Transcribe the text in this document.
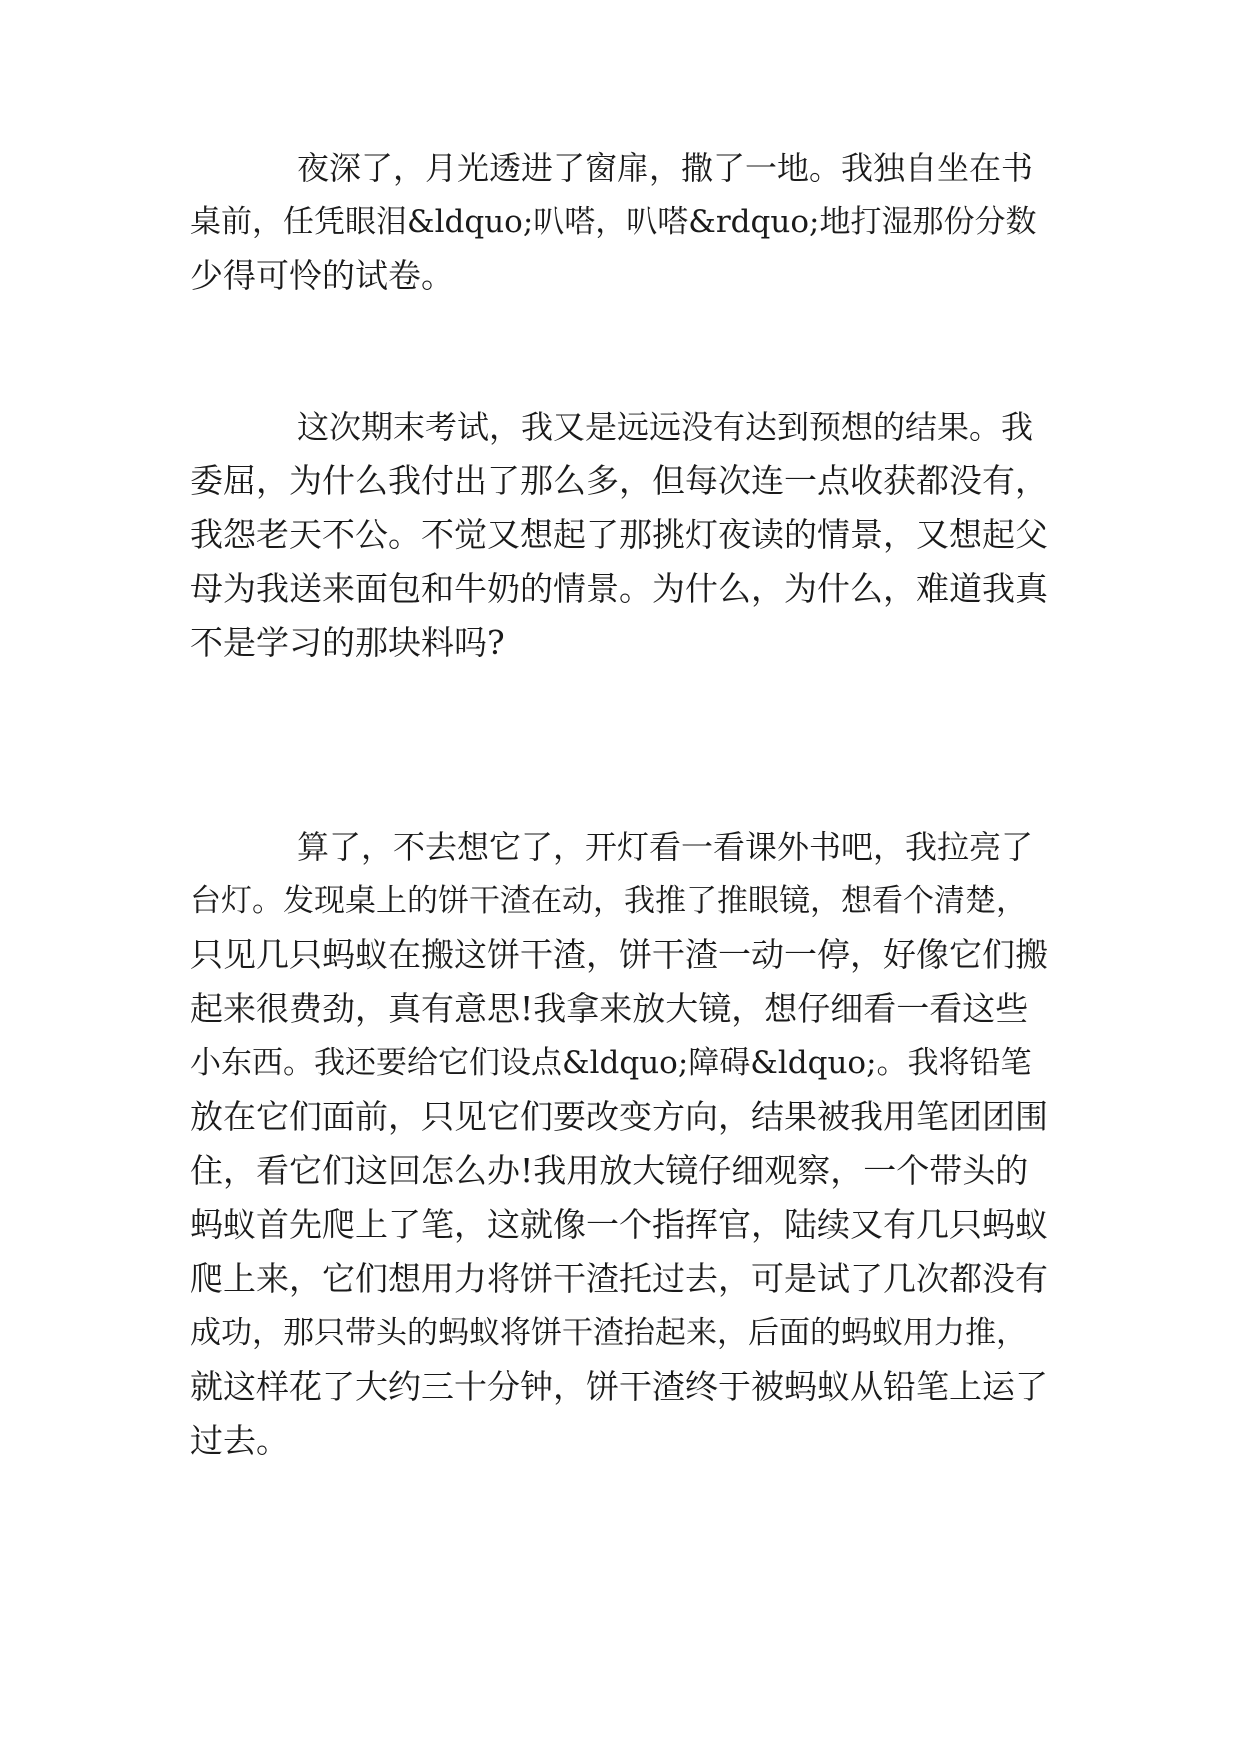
夜深了，月光透进了窗扉，撒了一地。我独自坐在书

桌前，任凭眼泪&ldquo;叭嗒，叭嗒&rdquo;地打湿那份分数

少得可怜的试卷。

这次期末考试，我又是远远没有达到预想的结果。我

委屈，为什么我付出了那么多，但每次连一点收获都没有，

我怨老天不公。不觉又想起了那挑灯夜读的情景，又想起父

母为我送来面包和牛奶的情景。为什么，为什么，难道我真

不是学习的那块料吗?

算了，不去想它了，开灯看一看课外书吧，我拉亮了

台灯。发现桌上的饼干渣在动，我推了推眼镜，想看个清楚，

只见几只蚂蚁在搬这饼干渣，饼干渣一动一停，好像它们搬

起来很费劲，真有意思!我拿来放大镜，想仔细看一看这些

小东西。我还要给它们设点&ldquo;障碍&ldquo;。我将铅笔

放在它们面前，只见它们要改变方向，结果被我用笔团团围

住，看它们这回怎么办!我用放大镜仔细观察，一个带头的

蚂蚁首先爬上了笔，这就像一个指挥官，陆续又有几只蚂蚁

爬上来，它们想用力将饼干渣托过去，可是试了几次都没有

成功，那只带头的蚂蚁将饼干渣抬起来，后面的蚂蚁用力推，

就这样花了大约三十分钟，饼干渣终于被蚂蚁从铅笔上运了

过去。
